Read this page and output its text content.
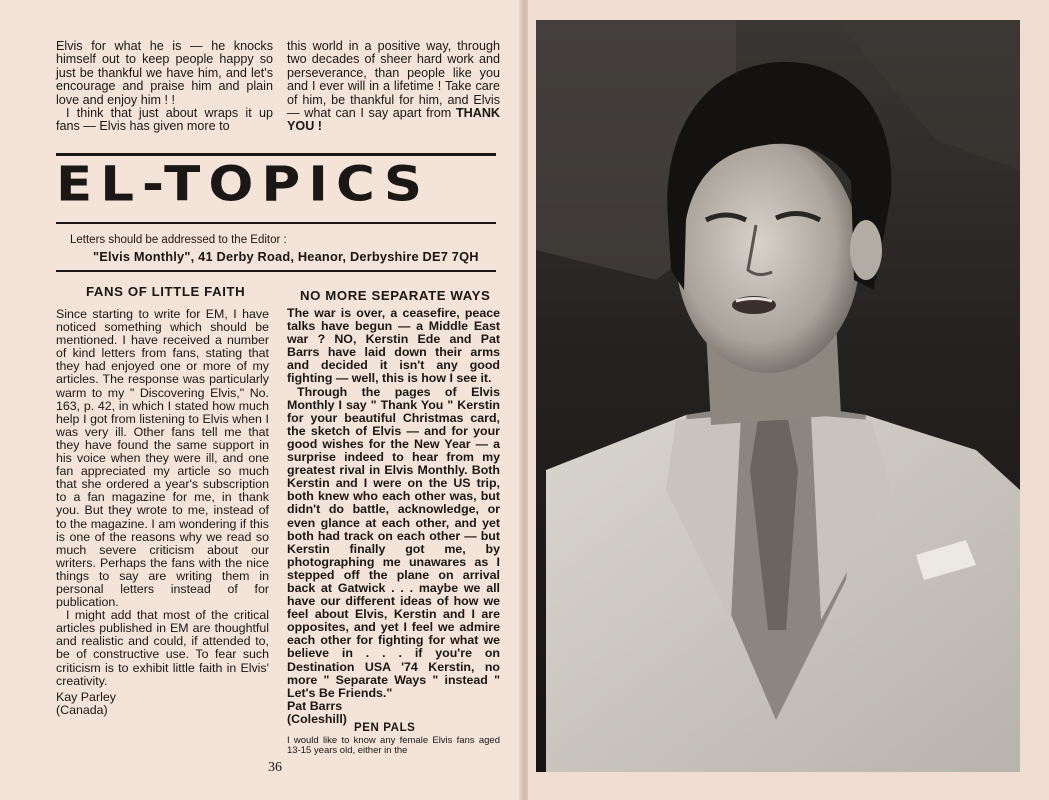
Elvis for what he is — he knocks himself out to keep people happy so just be thankful we have him, and let's encourage and praise him and plain love and enjoy him ! !

I think that just about wraps it up fans — Elvis has given more to

this world in a positive way, through two decades of sheer hard work and perseverance, than people like you and I ever will in a lifetime ! Take care of him, be thankful for him, and Elvis — what can I say apart from THANK YOU !

EL-TOPICS
Letters should be addressed to the Editor :
"Elvis Monthly", 41 Derby Road, Heanor, Derbyshire DE7 7QH
FANS OF LITTLE FAITH

Since starting to write for EM, I have noticed something which should be mentioned. I have received a number of kind letters from fans, stating that they had enjoyed one or more of my articles. The response was particularly warm to my " Discovering Elvis," No. 163, p. 42, in which I stated how much help I got from listening to Elvis when I was very ill. Other fans tell me that they have found the same support in his voice when they were ill, and one fan appreciated my article so much that she ordered a year's subscription to a fan magazine for me, in thank you. But they wrote to me, instead of to the magazine. I am wondering if this is one of the reasons why we read so much severe criticism about our writers. Perhaps the fans with the nice things to say are writing them in personal letters instead of for publication.

I might add that most of the critical articles published in EM are thoughtful and realistic and could, if attended to, be of constructive use. To fear such criticism is to exhibit little faith in Elvis' creativity.

Kay Parley

(Canada)

NO MORE SEPARATE WAYS

The war is over, a ceasefire, peace talks have begun — a Middle East war ? NO, Kerstin Ede and Pat Barrs have laid down their arms and decided it isn't any good fighting — well, this is how I see it.

Through the pages of Elvis Monthly I say " Thank You " Kerstin for your beautiful Christmas card, the sketch of Elvis — and for your good wishes for the New Year — a surprise indeed to hear from my greatest rival in Elvis Monthly. Both Kerstin and I were on the US trip, both knew who each other was, but didn't do battle, acknowledge, or even glance at each other, and yet both had track on each other — but Kerstin finally got me, by photographing me unawares as I stepped off the plane on arrival back at Gatwick . . . maybe we all have our different ideas of how we feel about Elvis, Kerstin and I are opposites, and yet I feel we admire each other for fighting for what we believe in . . . if you're on Destination USA '74 Kerstin, no more " Separate Ways " instead " Let's Be Friends."

Pat Barrs

(Coleshill)

PEN PALS
I would like to know any female Elvis fans aged 13-15 years old, either in the
36
